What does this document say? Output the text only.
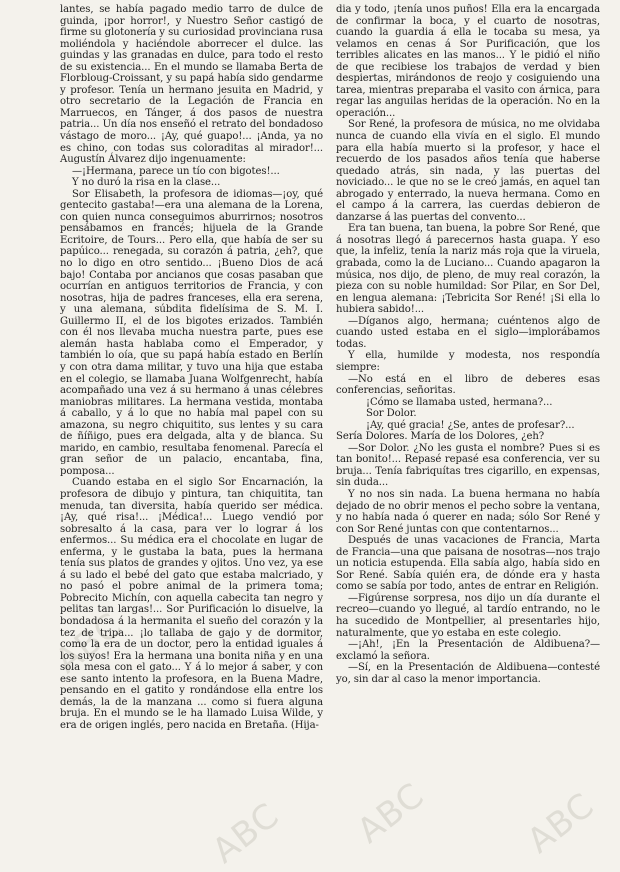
ABC
ABC ABC	ABC

lantes, se había pagado medio tarro de dulce de guinda, ¡por horror!, y Nuestro Señor castigó de firme su glotonería y su curiosidad provinciana rusa moliéndola y haciéndole aborrecer el dulce. las guindas y las granadas en dulce, para todo el resto de su existencia... En el mundo se llamaba Berta de Florbloug-Croissant, y su papá había sido gendarme y profesor. Tenía un hermano jesuita en Madrid, y otro secretario de la Legación de Francia en Marruecos, en Tánger, á dos pasos de nuestra patria... Un día nos enseñó el retrato del bondadoso vástago de moro... ¡Ay, qué guapo!... ¡Anda, ya no es chino, con todas sus coloraditas al mirador!... Augustín Álvarez dijo ingenuamente:

—¡Hermana, parece un tío con bigotes!...

Y no duró la risa en la clase...

Sor Elisabeth, la profesora de idiomas—¡oy, qué gentecito gastaba!—era una alemana de la Lorena, con quien nunca conseguimos aburrirnos; nosotros pensábamos en francés; hijuela de la Grande Ecritoire, de Tours... Pero ella, que había de ser su papúico... renegada, su corazón á patria, ¿eh?, que no lo digo en otro sentido... ¡Bueno Dios de acá bajo! Contaba por ancianos que cosas pasaban que ocurrían en antiguos territorios de Francia, y con nosotras, hija de padres franceses, ella era serena, y una alemana, súbdita fidelísima de S. M. I. Guillermo II, el de los bigotes erizados. También con él nos llevaba mucha nuestra parte, pues ese alemán hasta hablaba como el Emperador, y también lo oía, que su papá había estado en Berlín y con otra dama militar, y tuvo una hija que estaba en el colegio, se llamaba Juana Wolfgenrecht, había acompañado una vez á su hermano á unas célebres maniobras militares. La hermana vestida, montaba á caballo, y á lo que no había mal papel con su amazona, su negro chiquitito, sus lentes y su cara de ñíñigo, pues era delgada, alta y de blanca. Su marido, en cambio, resultaba fenomenal. Parecía el gran señor de un palacio, encantaba, fina, pomposa...

Cuando estaba en el siglo Sor Encarnación, la profesora de dibujo y pintura, tan chiquitita, tan menuda, tan diversita, había querido ser médica. ¡Ay, qué risa!... ¡Médica!... Luego vendió por sobresalto á la casa, para ver lo lograr á los enfermos... Su médica era el chocolate en lugar de enferma, y le gustaba la bata, pues la hermana tenía sus platos de grandes y ojitos. Uno vez, ya ese á su lado el bebé del gato que estaba malcriado, y no pasó el pobre animal de la primera toma; Pobrecito Michín, con aquella cabecita tan negro y pelitas tan largas!... Sor Purificación lo disuelve, la bondadosa á la hermanita el sueño del corazón y la tez de tripa... ¡lo tallaba de gajo y de dormitor, como la era de un doctor, pero la entidad iguales á los suyos! Era la hermana una bonita niña y en una sola mesa con el gato... Y á lo mejor á saber, y con ese santo intento la profesora, en la Buena Madre, pensando en el gatito y rondándose ella entre los demás, la de la manzana ... como si fuera alguna bruja. En el mundo se le ha llamado Luisa Wilde, y era de origen inglés, pero nacida en Bretaña. (Hija-

dia y todo, ¡tenía unos puños! Ella era la encargada de confirmar la boca, y el cuarto de nosotras, cuando la guardia á ella le tocaba su mesa, ya velamos en cenas á Sor Purificación, que los terribles alicates en las manos... Y le pidió el niño de que recibiese los trabajos de verdad y bien despiertas, mirándonos de reojo y cosiguiendo una tarea, mientras preparaba el vasito con árnica, para regar las anguilas heridas de la operación. No en la operación...

Sor René, la profesora de música, no me olvidaba nunca de cuando ella vivía en el siglo. El mundo para ella había muerto si la profesor, y hace el recuerdo de los pasados años tenía que haberse quedado atrás, sin nada, y las puertas del noviciado... le que no se le creó jamás, en aquel tan abrogado y enterrado, la nueva hermana. Como en el campo á la carrera, las cuerdas debieron de danzarse á las puertas del convento...

Era tan buena, tan buena, la pobre Sor René, que á nosotras llegó á parecernos hasta guapa. Y eso que, la infeliz, tenía la nariz más roja que la viruela, grabada, como la de Luciano... Cuando apagaron la música, nos dijo, de pleno, de muy real corazón, la pieza con su noble humildad: Sor Pilar, en Sor Del, en lengua alemana: ¡Tebricita Sor René! ¡Si ella lo hubiera sabido!...

—Díganos algo, hermana; cuéntenos algo de cuando usted estaba en el siglo—implorábamos todas.

Y ella, humilde y modesta, nos respondía siempre:

—No está en el libro de deberes esas conferencias, señoritas.

¡Cómo se llamaba usted, hermana?...

Sor Dolor.

¡Ay, qué gracia! ¿Se, antes de profesar?...

Sería Dolores. María de los Dolores, ¿eh?

—Sor Dolor. ¿No les gusta el nombre? Pues si es tan bonito!... Repasé repasé esa conferencia, ver su bruja... Tenía fabriquítas tres cigarillo, en expensas, sin duda...

Y no nos sin nada. La buena hermana no había dejado de no obrir menos el pecho sobre la ventana, y no había nada ó querer en nada; sólo Sor René y con Sor René juntas con que contentarnos...

Después de unas vacaciones de Francia, Marta de Francia—una que paisana de nosotras—nos trajo un noticia estupenda. Ella sabía algo, había sido en Sor René. Sabía quién era, de dónde era y hasta como se sabía por todo, antes de entrar en Religión.

—Figúrense sorpresa, nos dijo un día durante el recreo—cuando yo llegué, al tardío entrando, no le ha sucedido de Montpellier, al presentarles hijo, naturalmente, que yo estaba en este colegio.

—¡Ah!, ¡En la Presentación de Aldibuena?—exclamó la señora.

—Sí, en la Presentación de Aldibuena—contesté yo, sin dar al caso la menor importancia.
